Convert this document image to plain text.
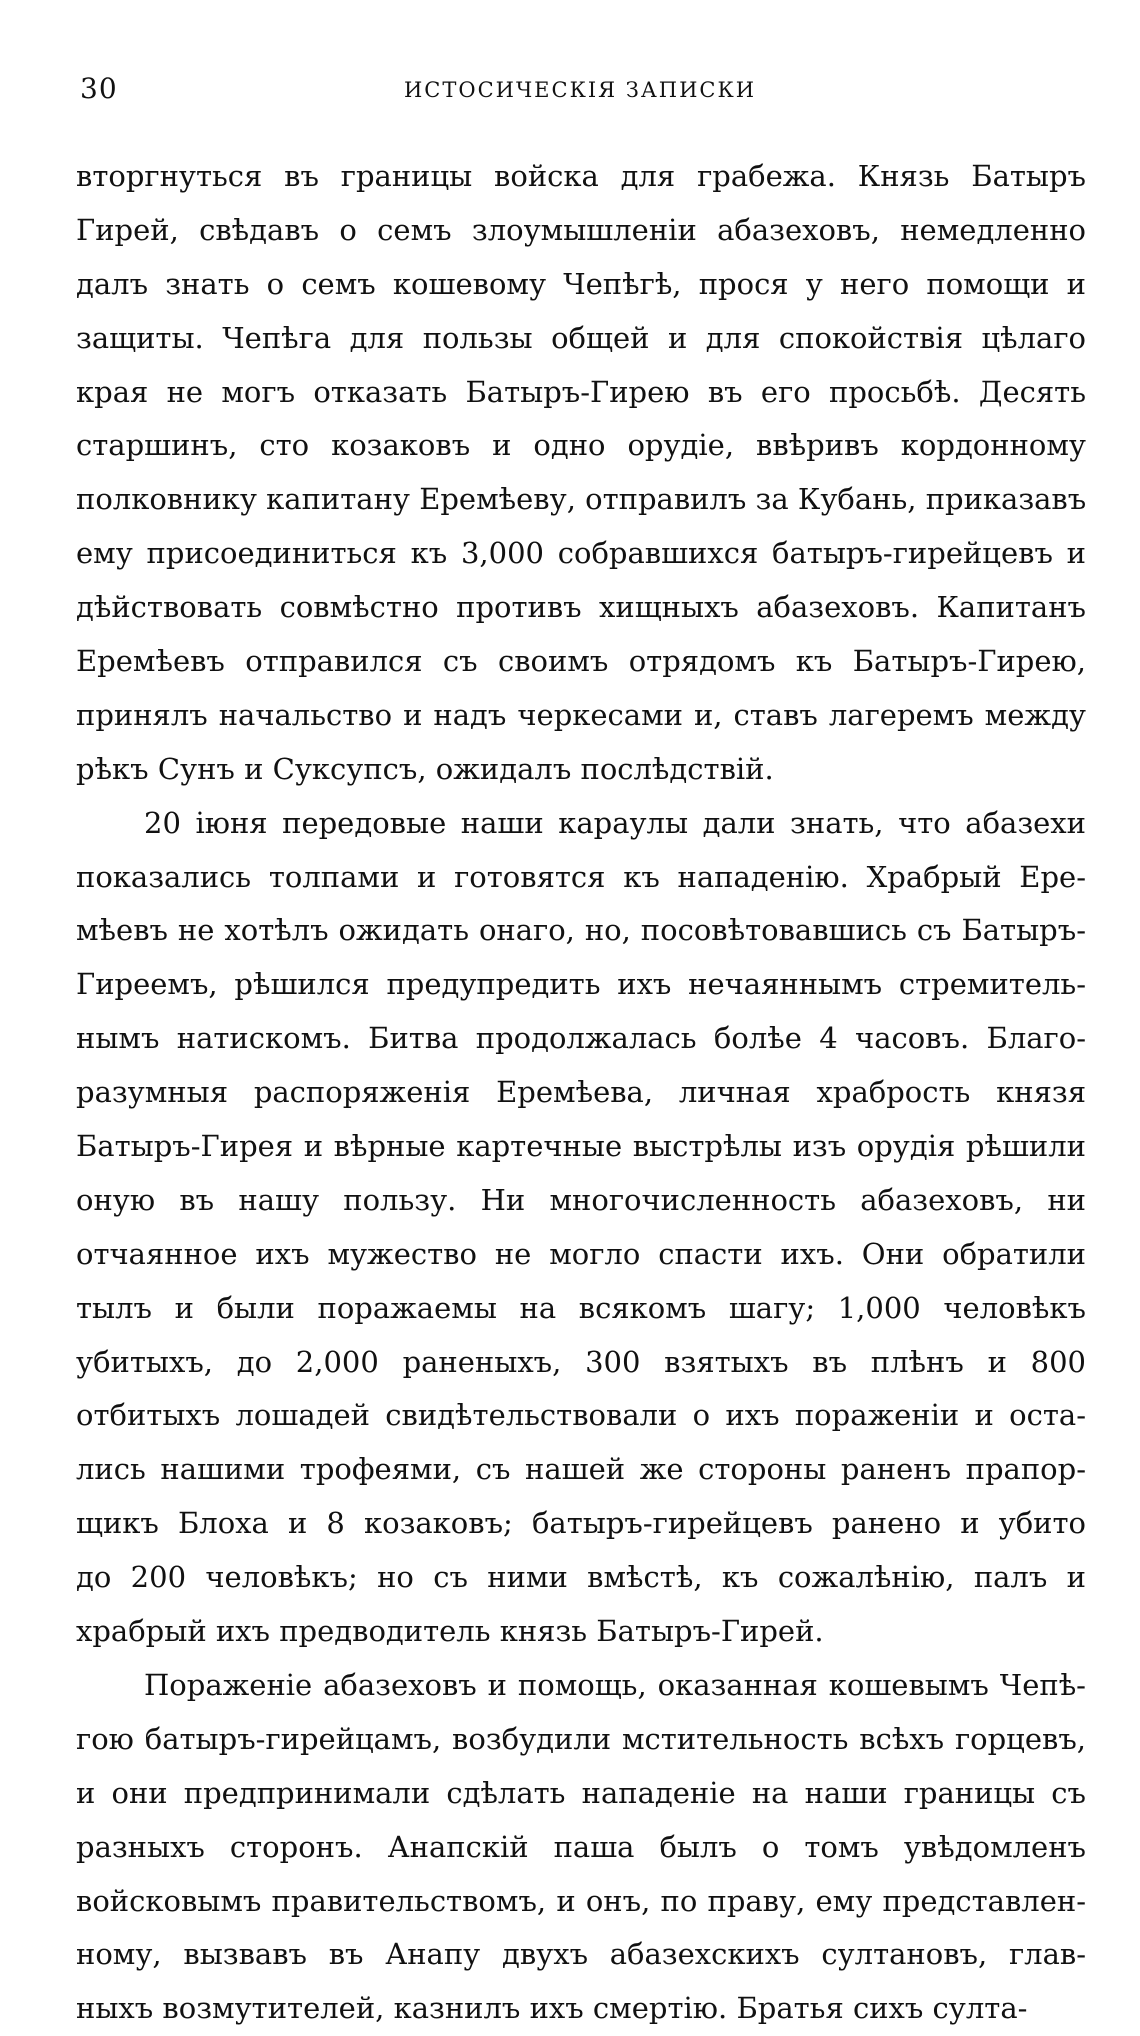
30	ИСТОСИЧЕСКІЯ ЗАПИСКИ
вторгнуться въ границы войска для грабежа. Князь Батыръ
Гирей, свѣдавъ о семъ злоумышленіи абазеховъ, немедленно
далъ знать о семъ кошевому Чепѣгѣ, прося у него помощи и
защиты. Чепѣга для пользы общей и для спокойствія цѣлаго
края не могъ отказать Батыръ-Гирею въ его просьбѣ. Десять
старшинъ, сто козаковъ и одно орудіе, ввѣривъ кордонному
полковнику капитану Еремѣеву, отправилъ за Кубань, приказавъ
ему присоединиться къ 3,000 собравшихся батыръ-гирейцевъ и
дѣйствовать совмѣстно противъ хищныхъ абазеховъ. Капитанъ
Еремѣевъ отправился съ своимъ отрядомъ къ Батыръ-Гирею,
принялъ начальство и надъ черкесами и, ставъ лагеремъ между
рѣкъ Сунъ и Суксупсъ, ожидалъ послѣдствій.
20 іюня передовые наши караулы дали знать, что абазехи
показались толпами и готовятся къ нападенію. Храбрый Ере-
мѣевъ не хотѣлъ ожидать онаго, но, посовѣтовавшись съ Батыръ-
Гиреемъ, рѣшился предупредить ихъ нечаяннымъ стремитель-
нымъ натискомъ. Битва продолжалась болѣе 4 часовъ. Благо-
разумныя распоряженія Еремѣева, личная храбрость князя
Батыръ-Гирея и вѣрные картечные выстрѣлы изъ орудія рѣшили
оную въ нашу пользу. Ни многочисленность абазеховъ, ни
отчаянное ихъ мужество не могло спасти ихъ. Они обратили
тылъ и были поражаемы на всякомъ шагу; 1,000 человѣкъ
убитыхъ, до 2,000 раненыхъ, 300 взятыхъ въ плѣнъ и 800
отбитыхъ лошадей свидѣтельствовали о ихъ пораженіи и оста-
лись нашими трофеями, съ нашей же стороны раненъ прапор-
щикъ Блоха и 8 козаковъ; батыръ-гирейцевъ ранено и убито
до 200 человѣкъ; но съ ними вмѣстѣ, къ сожалѣнію, палъ и
храбрый ихъ предводитель князь Батыръ-Гирей.
Пораженіе абазеховъ и помощь, оказанная кошевымъ Чепѣ-
гою батыръ-гирейцамъ, возбудили мстительность всѣхъ горцевъ,
и они предпринимали сдѣлать нападеніе на наши границы съ
разныхъ сторонъ. Анапскій паша былъ о томъ увѣдомленъ
войсковымъ правительствомъ, и онъ, по праву, ему представлен-
ному, вызвавъ въ Анапу двухъ абазехскихъ султановъ, глав-
ныхъ возмутителей, казнилъ ихъ смертію. Братья сихъ султа-
